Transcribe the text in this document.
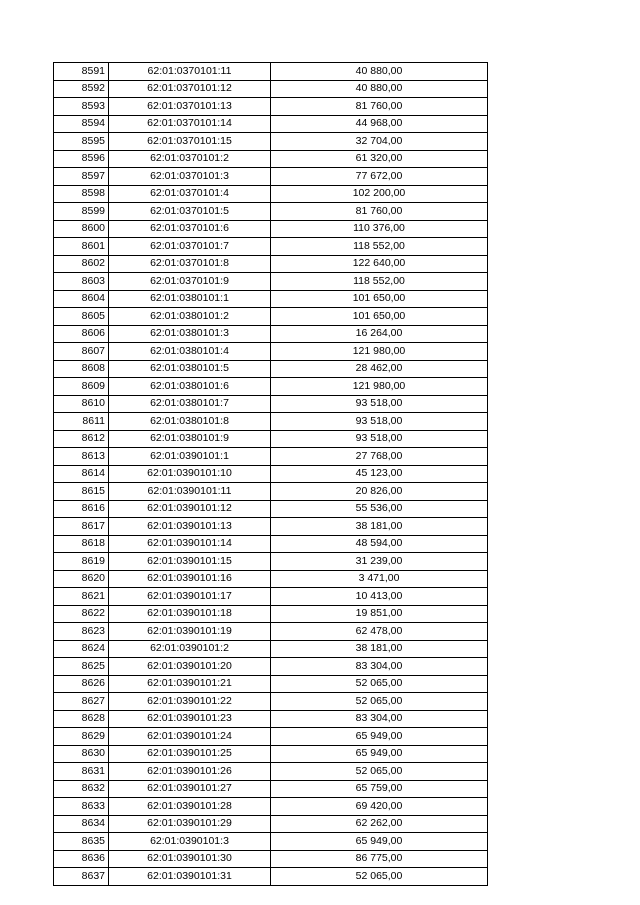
8591	62:01:0370101:11	40 880,00
8592	62:01:0370101:12	40 880,00
8593	62:01:0370101:13	81 760,00
8594	62:01:0370101:14	44 968,00
8595	62:01:0370101:15	32 704,00
8596	62:01:0370101:2	61 320,00
8597	62:01:0370101:3	77 672,00
8598	62:01:0370101:4	102 200,00
8599	62:01:0370101:5	81 760,00
8600	62:01:0370101:6	110 376,00
8601	62:01:0370101:7	118 552,00
8602	62:01:0370101:8	122 640,00
8603	62:01:0370101:9	118 552,00
8604	62:01:0380101:1	101 650,00
8605	62:01:0380101:2	101 650,00
8606	62:01:0380101:3	16 264,00
8607	62:01:0380101:4	121 980,00
8608	62:01:0380101:5	28 462,00
8609	62:01:0380101:6	121 980,00
8610	62:01:0380101:7	93 518,00
8611	62:01:0380101:8	93 518,00
8612	62:01:0380101:9	93 518,00
8613	62:01:0390101:1	27 768,00
8614	62:01:0390101:10	45 123,00
8615	62:01:0390101:11	20 826,00
8616	62:01:0390101:12	55 536,00
8617	62:01:0390101:13	38 181,00
8618	62:01:0390101:14	48 594,00
8619	62:01:0390101:15	31 239,00
8620	62:01:0390101:16	3 471,00
8621	62:01:0390101:17	10 413,00
8622	62:01:0390101:18	19 851,00
8623	62:01:0390101:19	62 478,00
8624	62:01:0390101:2	38 181,00
8625	62:01:0390101:20	83 304,00
8626	62:01:0390101:21	52 065,00
8627	62:01:0390101:22	52 065,00
8628	62:01:0390101:23	83 304,00
8629	62:01:0390101:24	65 949,00
8630	62:01:0390101:25	65 949,00
8631	62:01:0390101:26	52 065,00
8632	62:01:0390101:27	65 759,00
8633	62:01:0390101:28	69 420,00
8634	62:01:0390101:29	62 262,00
8635	62:01:0390101:3	65 949,00
8636	62:01:0390101:30	86 775,00
8637	62:01:0390101:31	52 065,00
